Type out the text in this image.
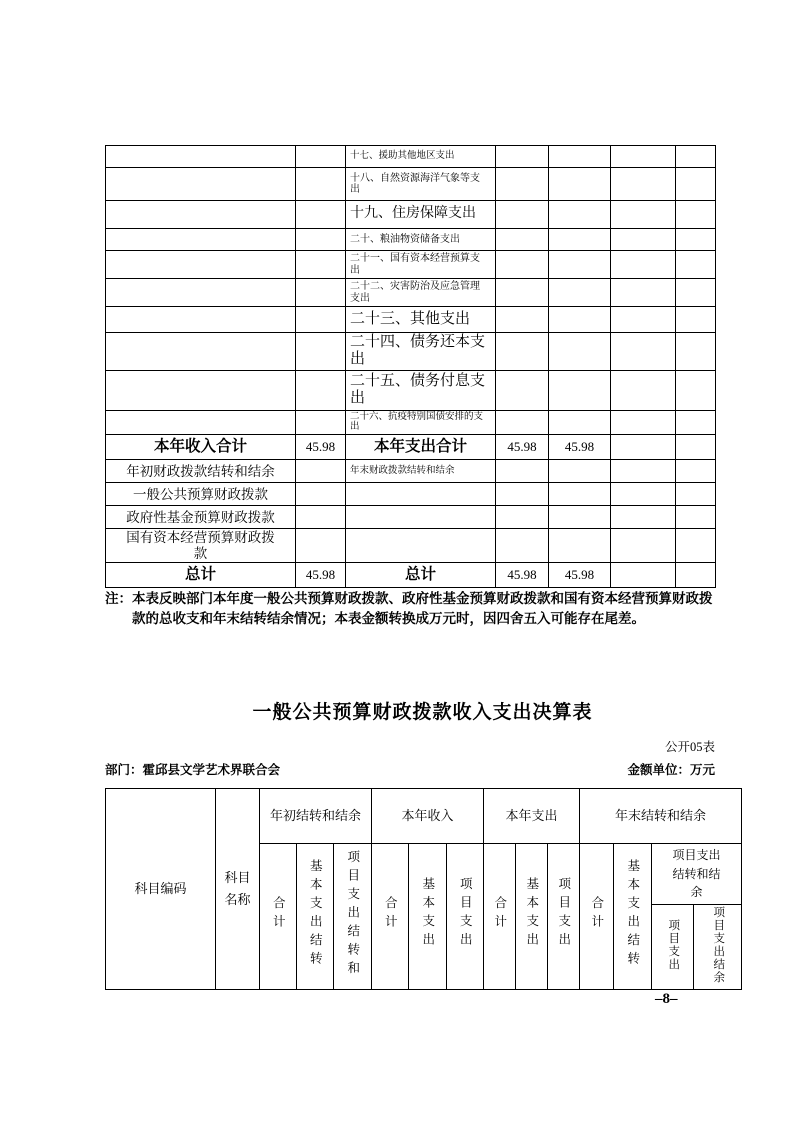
		十七、援助其他地区支出				
		十八、自然资源海洋气象等支出				
		十九、住房保障支出				
		二十、粮油物资储备支出				
		二十一、国有资本经营预算支出				
		二十二、灾害防治及应急管理支出				
		二十三、其他支出				
		二十四、债务还本支出				
		二十五、债务付息支出				
		二十六、抗疫特别国债安排的支出				
本年收入合计	45.98	本年支出合计	45.98	45.98		
年初财政拨款结转和结余		年末财政拨款结转和结余				
一般公共预算财政拨款						
政府性基金预算财政拨款						
国有资本经营预算财政拨款						
总计	45.98	总计	45.98	45.98		
注：本表反映部门本年度一般公共预算财政拨款、政府性基金预算财政拨款和国有资本经营预算财政拨款的总收支和年末结转结余情况；本表金额转换成万元时，因四舍五入可能存在尾差。
一般公共预算财政拨款收入支出决算表
公开05表
部门：霍邱县文学艺术界联合会	金额单位：万元
科目编码	科目名称	年初结转和结余			本年收入			本年支出			年末结转和结余			
		合计	基本支出结转	项目支出结转和	合计	基本支出	项目支出	合计	基本支出	项目支出	合计	基本支出结转	项目支出结转和结余	
													项目支出	项目支出结余
–8–
